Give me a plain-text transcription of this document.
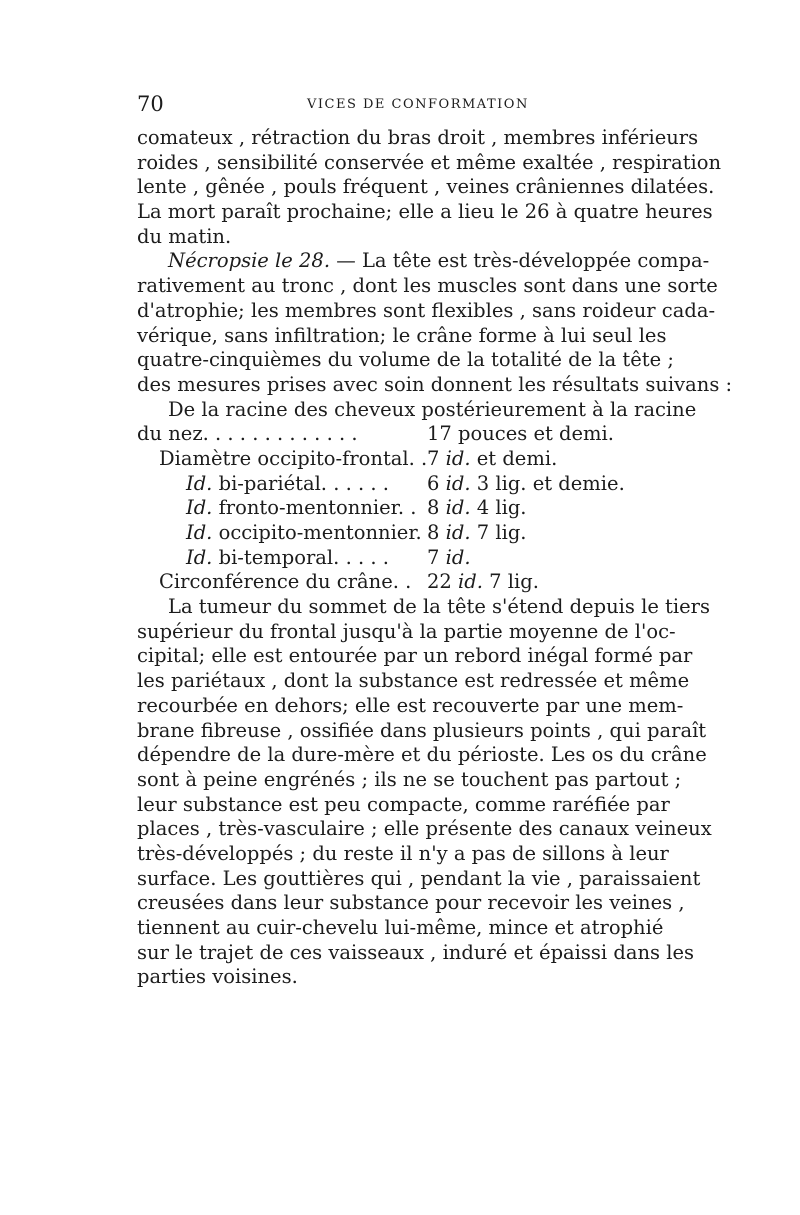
70	VICES DE CONFORMATION
comateux , rétraction du bras droit , membres inférieurs
roides , sensibilité conservée et même exaltée , respiration
lente , gênée , pouls fréquent , veines crâniennes dilatées.
La mort paraît prochaine; elle a lieu le 26 à quatre heures
du matin.
Nécropsie le 28. — La tête est très-développée compa-
rativement au tronc , dont les muscles sont dans une sorte
d'atrophie; les membres sont flexibles , sans roideur cada-
vérique, sans infiltration; le crâne forme à lui seul les
quatre-cinquièmes du volume de la totalité de la tête ;
des mesures prises avec soin donnent les résultats suivans :
De la racine des cheveux postérieurement à la racine
du nez. . . . . . . . . . . . .	17 pouces et demi.
Diamètre occipito-frontal. . 7 id. et demi.
Id. bi-pariétal. . . . . .	6 id. 3 lig. et demie.
Id. fronto-mentonnier. . 8 id. 4 lig.
Id. occipito-mentonnier. 8 id. 7 lig.
Id. bi-temporal. . . . .	7 id.
Circonférence du crâne. . 22 id. 7 lig.
La tumeur du sommet de la tête s'étend depuis le tiers
supérieur du frontal jusqu'à la partie moyenne de l'oc-
cipital; elle est entourée par un rebord inégal formé par
les pariétaux , dont la substance est redressée et même
recourbée en dehors; elle est recouverte par une mem-
brane fibreuse , ossifiée dans plusieurs points , qui paraît
dépendre de la dure-mère et du périoste. Les os du crâne
sont à peine engrénés ; ils ne se touchent pas partout ;
leur substance est peu compacte, comme raréfiée par
places , très-vasculaire ; elle présente des canaux veineux
très-développés ; du reste il n'y a pas de sillons à leur
surface. Les gouttières qui , pendant la vie , paraissaient
creusées dans leur substance pour recevoir les veines ,
tiennent au cuir-chevelu lui-même, mince et atrophié
sur le trajet de ces vaisseaux , induré et épaissi dans les
parties voisines.
